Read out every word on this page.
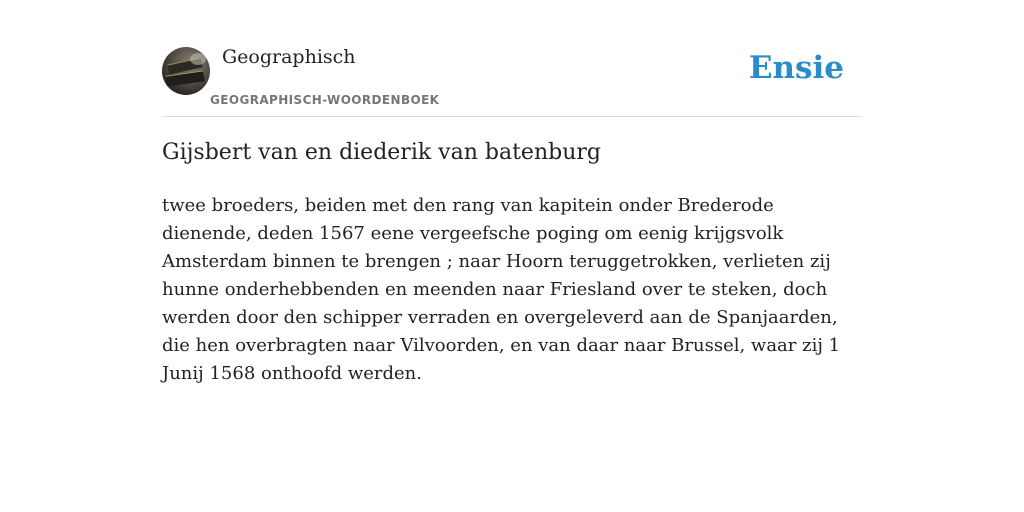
Geographisch
GEOGRAPHISCH-WOORDENBOEK
Ensie
Gijsbert van en diederik van batenburg

twee broeders, beiden met den rang van kapitein onder Brederode dienende, deden 1567 eene vergeefsche poging om eenig krijgsvolk Amsterdam binnen te brengen ; naar Hoorn teruggetrokken, verlieten zij hunne onderhebbenden en meenden naar Friesland over te steken, doch werden door den schipper verraden en overgeleverd aan de Spanjaarden, die hen overbragten naar Vilvoorden, en van daar naar Brussel, waar zij 1 Junij 1568 onthoofd werden.
